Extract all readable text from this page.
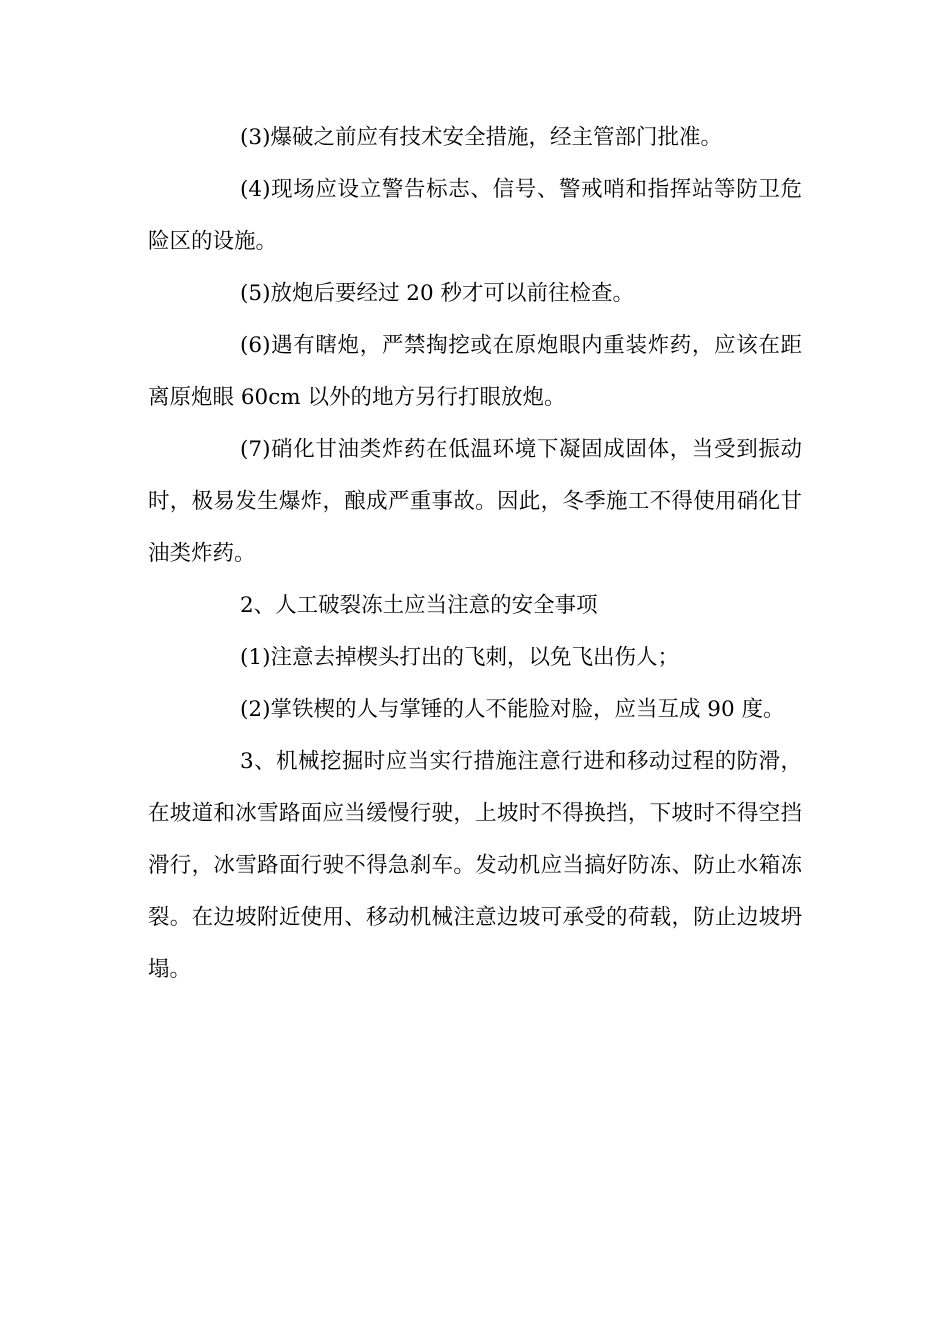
(3)爆破之前应有技术安全措施，经主管部门批准。

(4)现场应设立警告标志、信号、警戒哨和指挥站等防卫危险区的设施。

(5)放炮后要经过 20 秒才可以前往检查。

(6)遇有瞎炮，严禁掏挖或在原炮眼内重装炸药，应该在距离原炮眼 60cm 以外的地方另行打眼放炮。

(7)硝化甘油类炸药在低温环境下凝固成固体，当受到振动时，极易发生爆炸，酿成严重事故。因此，冬季施工不得使用硝化甘油类炸药。

2、人工破裂冻土应当注意的安全事项

(1)注意去掉楔头打出的飞刺，以免飞出伤人；

(2)掌铁楔的人与掌锤的人不能脸对脸，应当互成 90 度。

3、机械挖掘时应当实行措施注意行进和移动过程的防滑，在坡道和冰雪路面应当缓慢行驶，上坡时不得换挡，下坡时不得空挡滑行，冰雪路面行驶不得急刹车。发动机应当搞好防冻、防止水箱冻裂。在边坡附近使用、移动机械注意边坡可承受的荷载，防止边坡坍塌。
